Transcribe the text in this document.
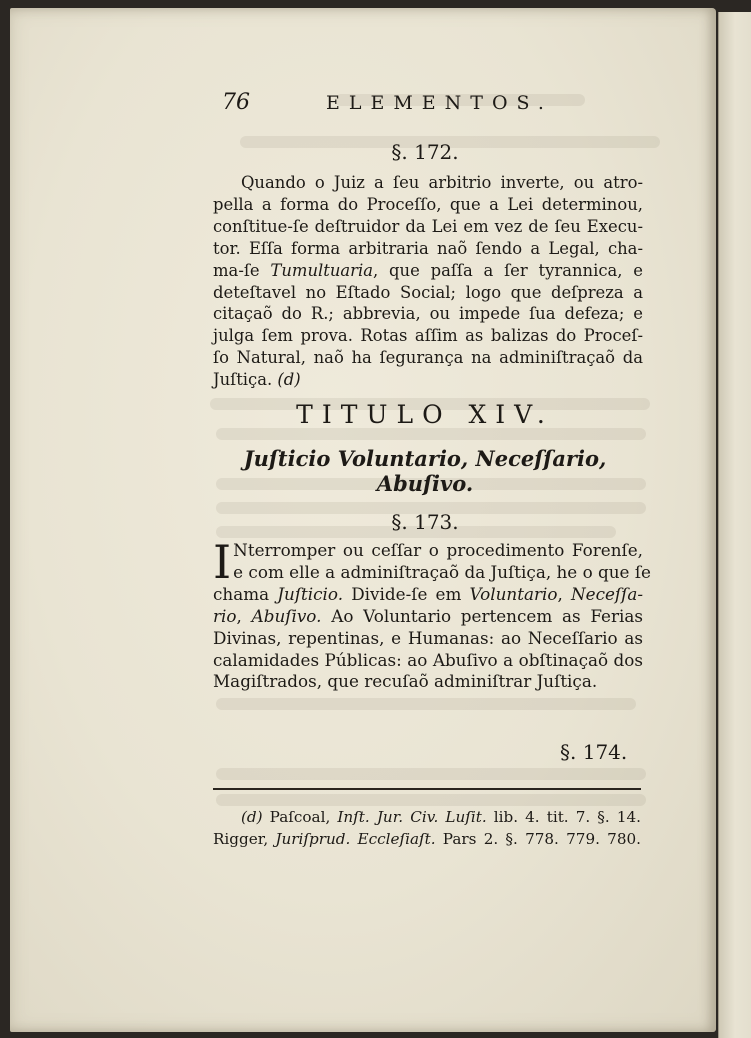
76	ELEMENTOS.
§. 172.
Quando o Juiz a ſeu arbitrio inverte, ou atro-
pella a forma do Proceſſo, que a Lei determinou,
conſtitue-ſe deſtruidor da Lei em vez de ſeu Execu-
tor. Eſſa forma arbitraria naõ ſendo a Legal, cha-
ma-ſe Tumultuaria, que paſſa a ſer tyrannica, e
deteſtavel no Eſtado Social; logo que deſpreza a
citaçaõ do R.; abbrevia, ou impede ſua defeza; e
julga ſem prova. Rotas aſſim as balizas do Proceſ-
ſo Natural, naõ ha ſegurança na adminiſtraçaõ da
Juſtiça. (d)
TITULO XIV.
Juſticio Voluntario, Neceſſario, Abuſivo.
§. 173.
I Nterromper ou ceſſar o procedimento Forenſe,
e com elle a adminiſtraçaõ da Juſtiça, he o que ſe
chama Juſticio. Divide-ſe em Voluntario, Neceſſa-
rio, Abuſivo. Ao Voluntario pertencem as Ferias
Divinas, repentinas, e Humanas: ao Neceſſario as
calamidades Públicas: ao Abuſivo a obſtinaçaõ dos
Magiſtrados, que recuſaõ adminiſtrar Juſtiça.
§. 174.
(d) Paſcoal, Inſt. Jur. Civ. Luſit. lib. 4. tit. 7. §. 14.
Rigger, Juriſprud. Eccleſiaſt. Pars 2. §. 778. 779. 780.
